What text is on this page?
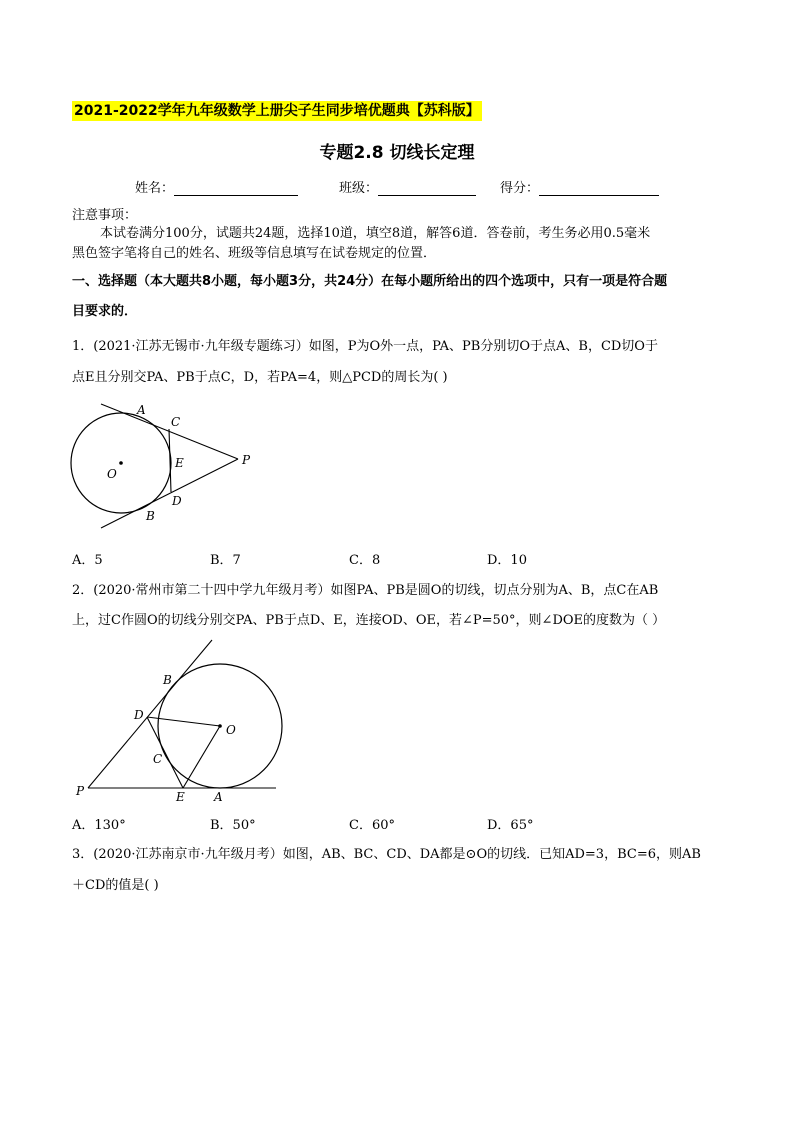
2021-2022学年九年级数学上册尖子生同步培优题典【苏科版】
专题2.8 切线长定理
姓名：	班级：	得分：
注意事项：
本试卷满分100分，试题共24题，选择10道，填空8道，解答6道．答卷前，考生务必用0.5毫米
黑色签字笔将自己的姓名、班级等信息填写在试卷规定的位置．
一、选择题（本大题共8小题，每小题3分，共24分）在每小题所给出的四个选项中，只有一项是符合题
目要求的．
1．(2021·江苏无锡市·九年级专题练习）如图，P为O外一点，PA、PB分别切O于点A、B，CD切O于
点E且分别交PA、PB于点C，D，若PA=4，则△PCD的周长为( )
A
C
E	P
O
D
B
A．5	B．7	C．8	D．10
2．(2020·常州市第二十四中学九年级月考）如图PA、PB是圆O的切线，切点分别为A、B，点C在AB
上，过C作圆O的切线分别交PA、PB于点D、E，连接OD、OE，若∠P=50°，则∠DOE的度数为（ ）
B
D
O
C
P	E A
A．130°	B．50°	C．60°	D．65°
3．(2020·江苏南京市·九年级月考）如图，AB、BC、CD、DA都是⊙O的切线．已知AD=3，BC=6，则AB
＋CD的值是( )
